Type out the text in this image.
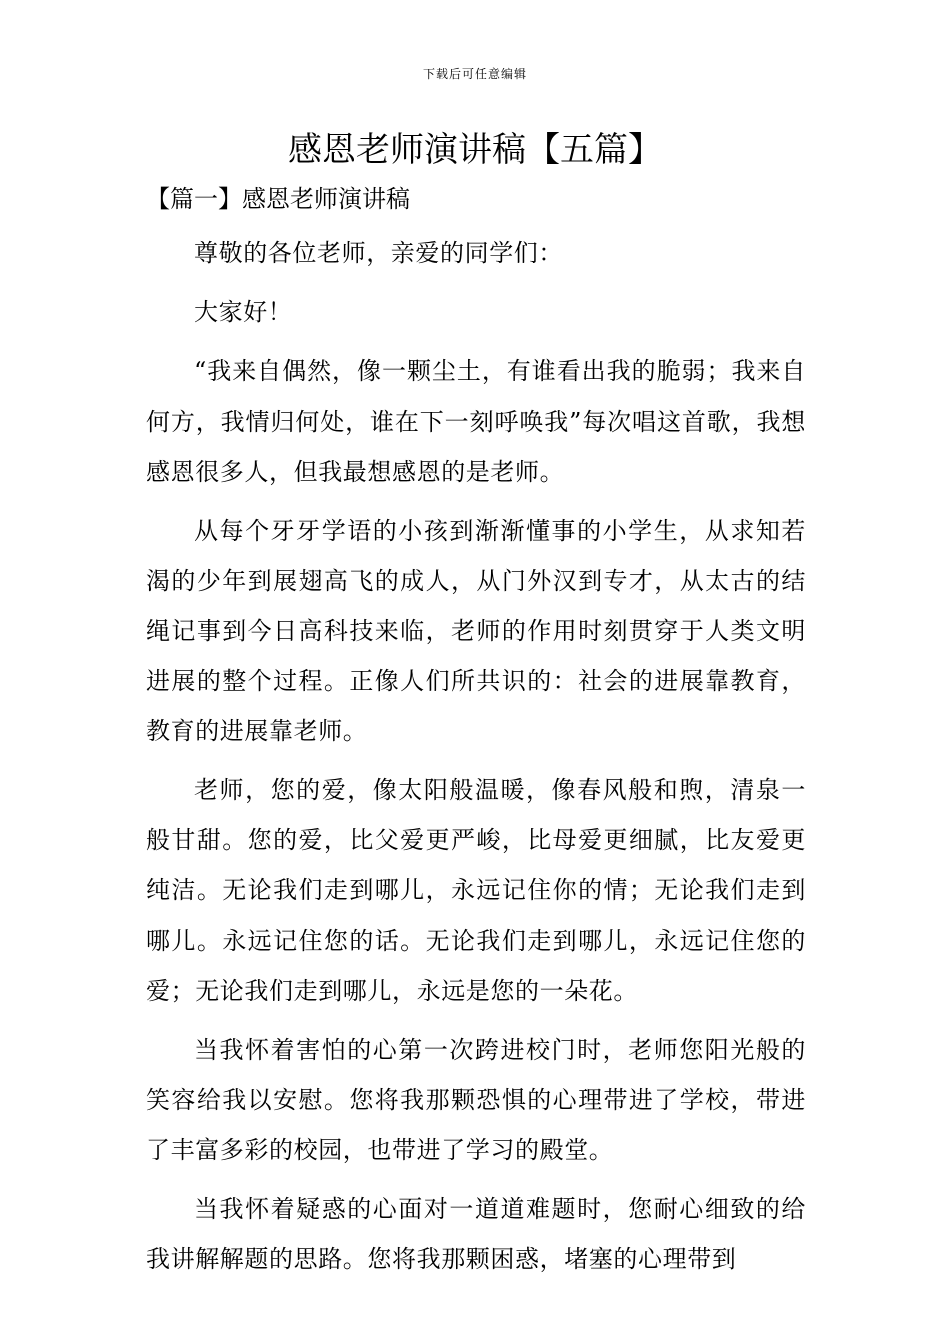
下载后可任意编辑
感恩老师演讲稿【五篇】
【篇一】感恩老师演讲稿

尊敬的各位老师，亲爱的同学们：

大家好！

“我来自偶然，像一颗尘土，有谁看出我的脆弱；我来自何方，我情归何处，谁在下一刻呼唤我”每次唱这首歌，我想感恩很多人，但我最想感恩的是老师。

从每个牙牙学语的小孩到渐渐懂事的小学生，从求知若渴的少年到展翅高飞的成人，从门外汉到专才，从太古的结绳记事到今日高科技来临，老师的作用时刻贯穿于人类文明进展的整个过程。正像人们所共识的：社会的进展靠教育，教育的进展靠老师。

老师，您的爱，像太阳般温暖，像春风般和煦，清泉一般甘甜。您的爱，比父爱更严峻，比母爱更细腻，比友爱更纯洁。无论我们走到哪儿，永远记住你的情；无论我们走到哪儿。永远记住您的话。无论我们走到哪儿，永远记住您的爱；无论我们走到哪儿，永远是您的一朵花。

当我怀着害怕的心第一次跨进校门时，老师您阳光般的笑容给我以安慰。您将我那颗恐惧的心理带进了学校，带进了丰富多彩的校园，也带进了学习的殿堂。

当我怀着疑惑的心面对一道道难题时，您耐心细致的给我讲解解题的思路。您将我那颗困惑，堵塞的心理带到
